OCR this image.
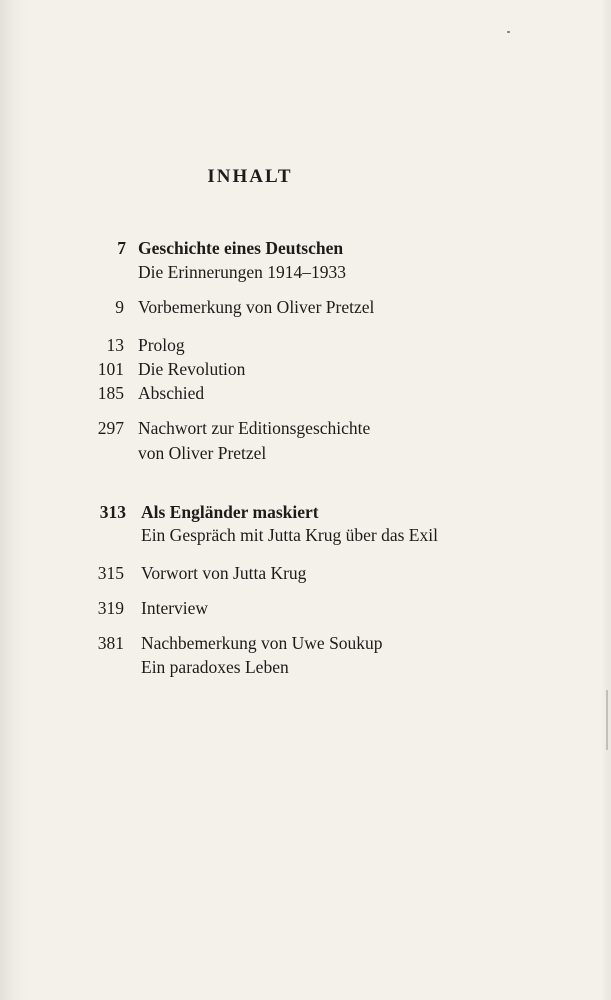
INHALT
7 Geschichte eines Deutschen
Die Erinnerungen 1914–1933
9 Vorbemerkung von Oliver Pretzel
13 Prolog
101 Die Revolution
185 Abschied
297 Nachwort zur Editionsgeschichte
von Oliver Pretzel
313 Als Engländer maskiert
Ein Gespräch mit Jutta Krug über das Exil
315 Vorwort von Jutta Krug
319 Interview
381 Nachbemerkung von Uwe Soukup
Ein paradoxes Leben
